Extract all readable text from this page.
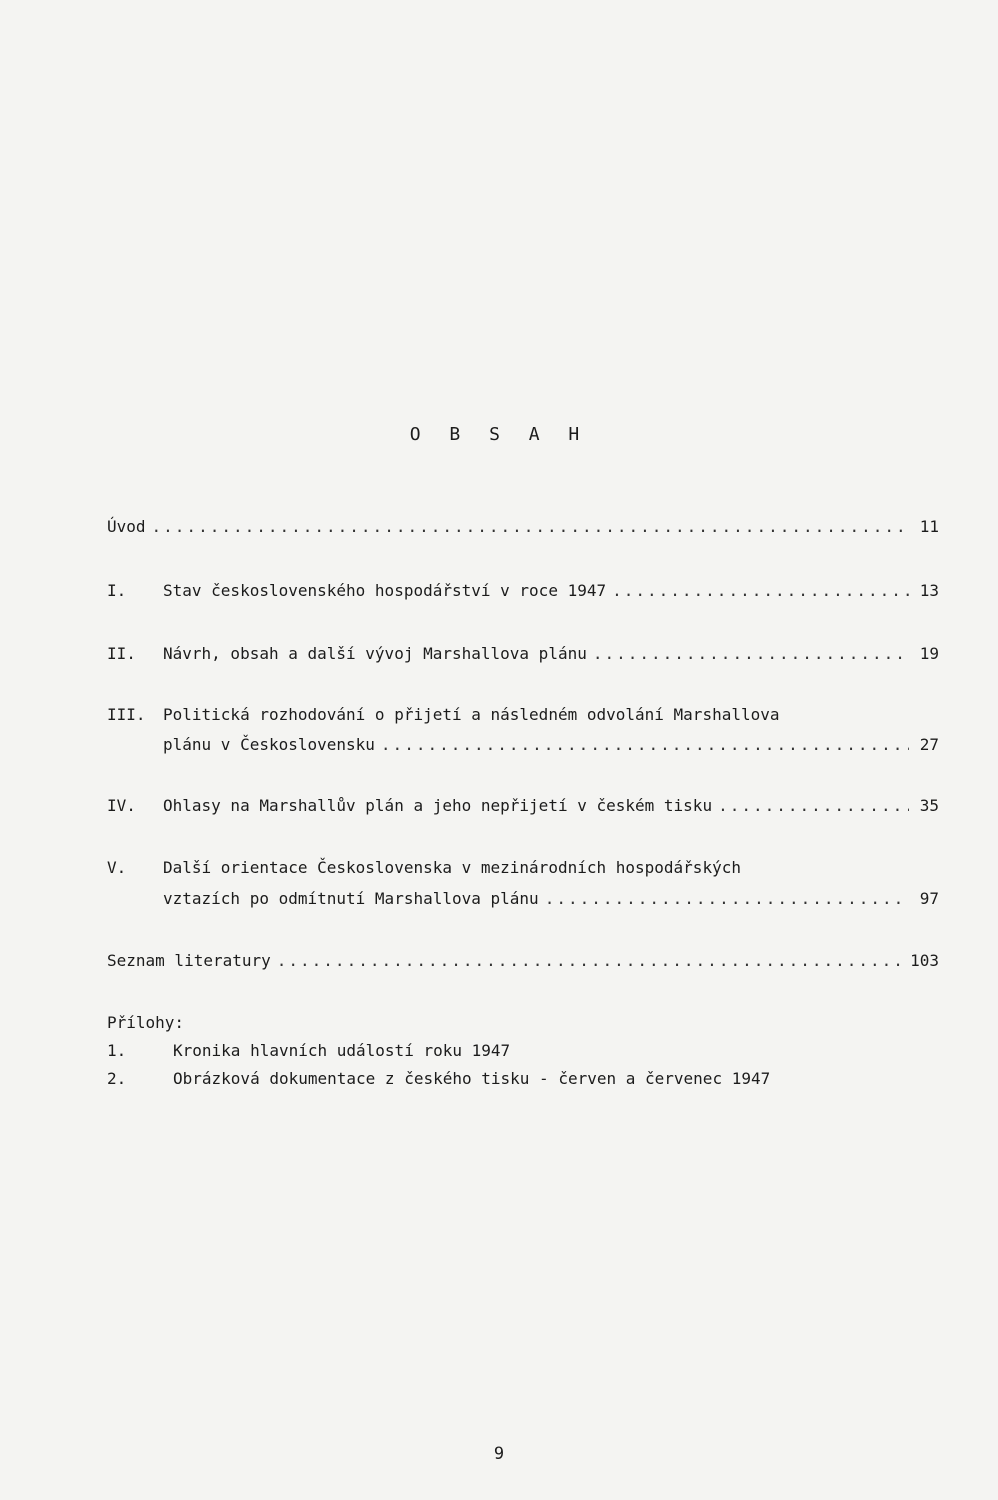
O B S A H
Úvod .....	11
I.	Stav československého hospodářství v roce 1947 .....	13
II.	Návrh, obsah a další vývoj Marshallova plánu .....	19
III.	Politická rozhodování o přijetí a následném odvolání Marshallova
plánu v Československu .....	27
IV.	Ohlasy na Marshallův plán a jeho nepřijetí v českém tisku .....	35
V.	Další orientace Československa v mezinárodních hospodářských
vztazích po odmítnutí Marshallova plánu .....	97
Seznam literatury .....	103
Přílohy:
1.	Kronika hlavních událostí roku 1947
2.	Obrázková dokumentace z českého tisku - červen a červenec 1947
9
